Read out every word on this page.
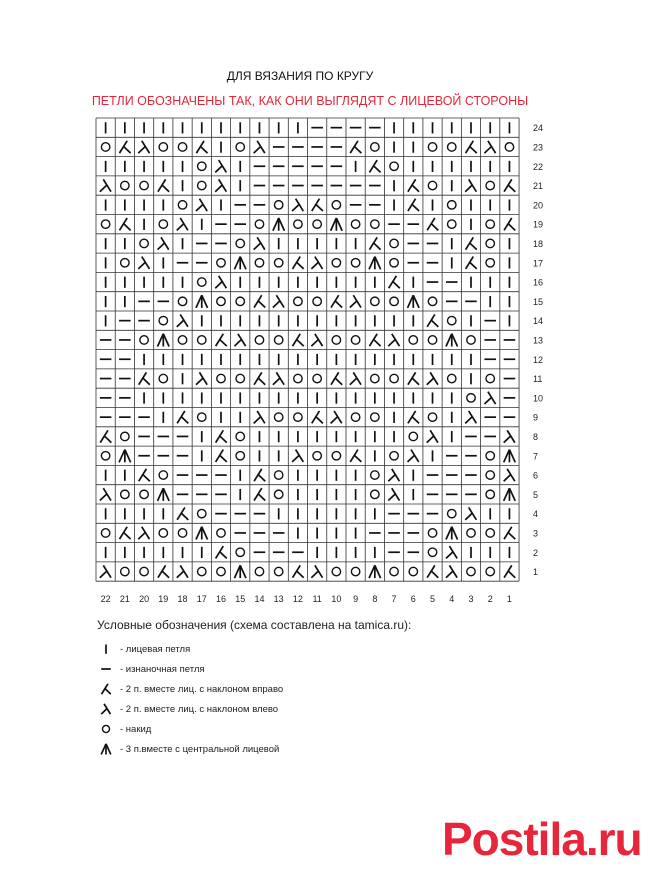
ДЛЯ ВЯЗАНИЯ ПО КРУГУ
ПЕТЛИ ОБОЗНАЧЕНЫ ТАК, КАК ОНИ ВЫГЛЯДЯТ С ЛИЦЕВОЙ СТОРОНЫ
24
23
22
21
20
19
18
17
16
15
14
13
12
11
10
9
8
7
6
5
4
3
2
1
22 21 20 19 18 17 16 15 14 13 12 11 10 9 8 7 6 5 4 3 2 1
Условные обозначения (схема составлена на tamica.ru):
- лицевая петля
- изнаночная петля
- 2 п. вместе лиц. с наклоном вправо
- 2 п. вместе лиц. с наклоном влево
- накид
- 3 п.вместе с центральной лицевой
Postila.ru
